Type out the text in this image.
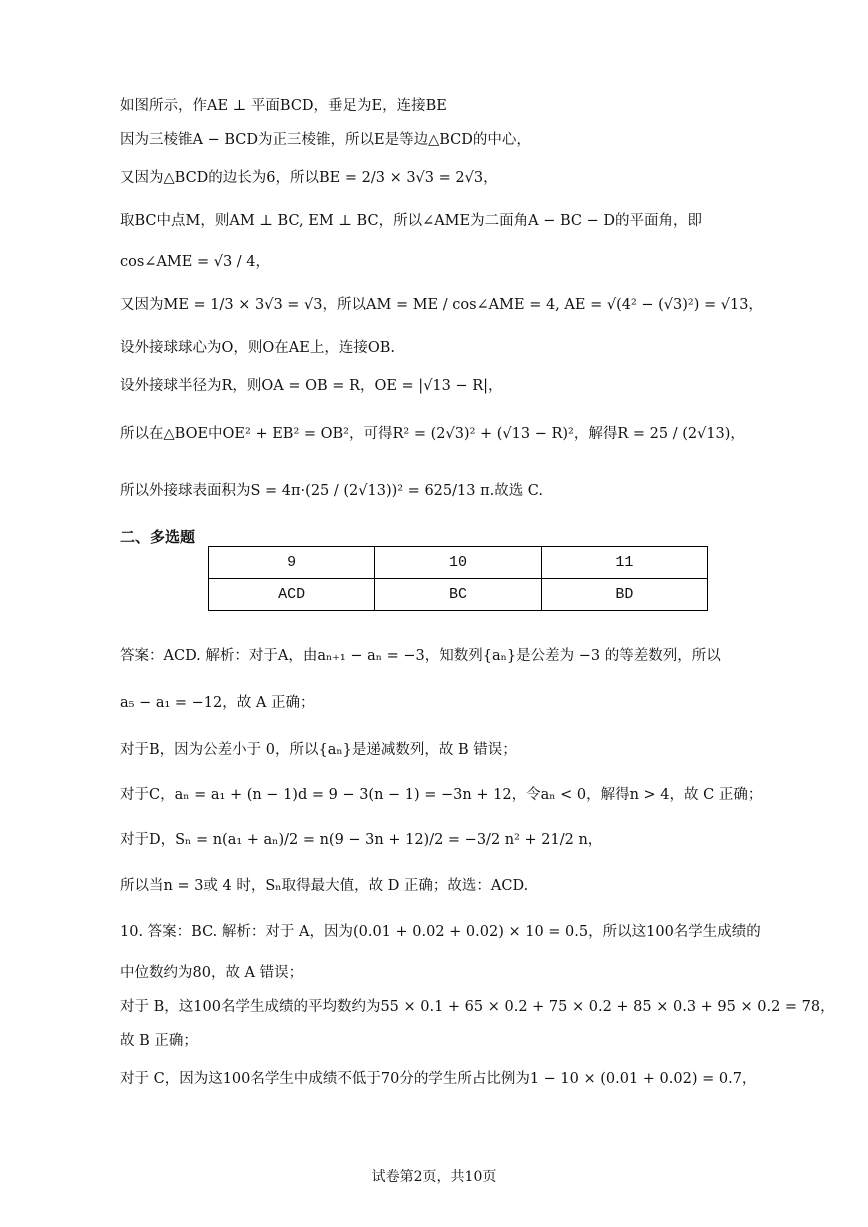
如图所示，作AE ⊥ 平面BCD，垂足为E，连接BE
因为三棱锥A − BCD为正三棱锥，所以E是等边△BCD的中心，
又因为△BCD的边长为6，所以BE = 2/3 × 3√3 = 2√3，
取BC中点M，则AM ⊥ BC, EM ⊥ BC，所以∠AME为二面角A − BC − D的平面角，即
cos∠AME = √3 / 4，
又因为ME = 1/3 × 3√3 = √3，所以AM = ME / cos∠AME = 4, AE = √(4² − (√3)²) = √13，
设外接球球心为O，则O在AE上，连接OB.
设外接球半径为R，则OA = OB = R，OE = |√13 − R|，
所以在△BOE中OE² + EB² = OB²，可得R² = (2√3)² + (√13 − R)²，解得R = 25 / (2√13)，
所以外接球表面积为S = 4π·(25 / (2√13))² = 625/13 π.故选 C.
二、多选题
9	10	11
ACD	BC	BD
答案：ACD. 解析：对于A，由aₙ₊₁ − aₙ = −3，知数列{aₙ}是公差为 −3 的等差数列，所以
a₅ − a₁ = −12，故 A 正确；
对于B，因为公差小于 0，所以{aₙ}是递减数列，故 B 错误；
对于C，aₙ = a₁ + (n − 1)d = 9 − 3(n − 1) = −3n + 12，令aₙ < 0，解得n > 4，故 C 正确；
对于D，Sₙ = n(a₁ + aₙ)/2 = n(9 − 3n + 12)/2 = −3/2 n² + 21/2 n，
所以当n = 3或 4 时，Sₙ取得最大值，故 D 正确；故选：ACD.
10. 答案：BC. 解析：对于 A，因为(0.01 + 0.02 + 0.02) × 10 = 0.5，所以这100名学生成绩的
中位数约为80，故 A 错误；
对于 B，这100名学生成绩的平均数约为55 × 0.1 + 65 × 0.2 + 75 × 0.2 + 85 × 0.3 + 95 × 0.2 = 78，
故 B 正确；
对于 C，因为这100名学生中成绩不低于70分的学生所占比例为1 − 10 × (0.01 + 0.02) = 0.7，
试卷第2页，共10页
